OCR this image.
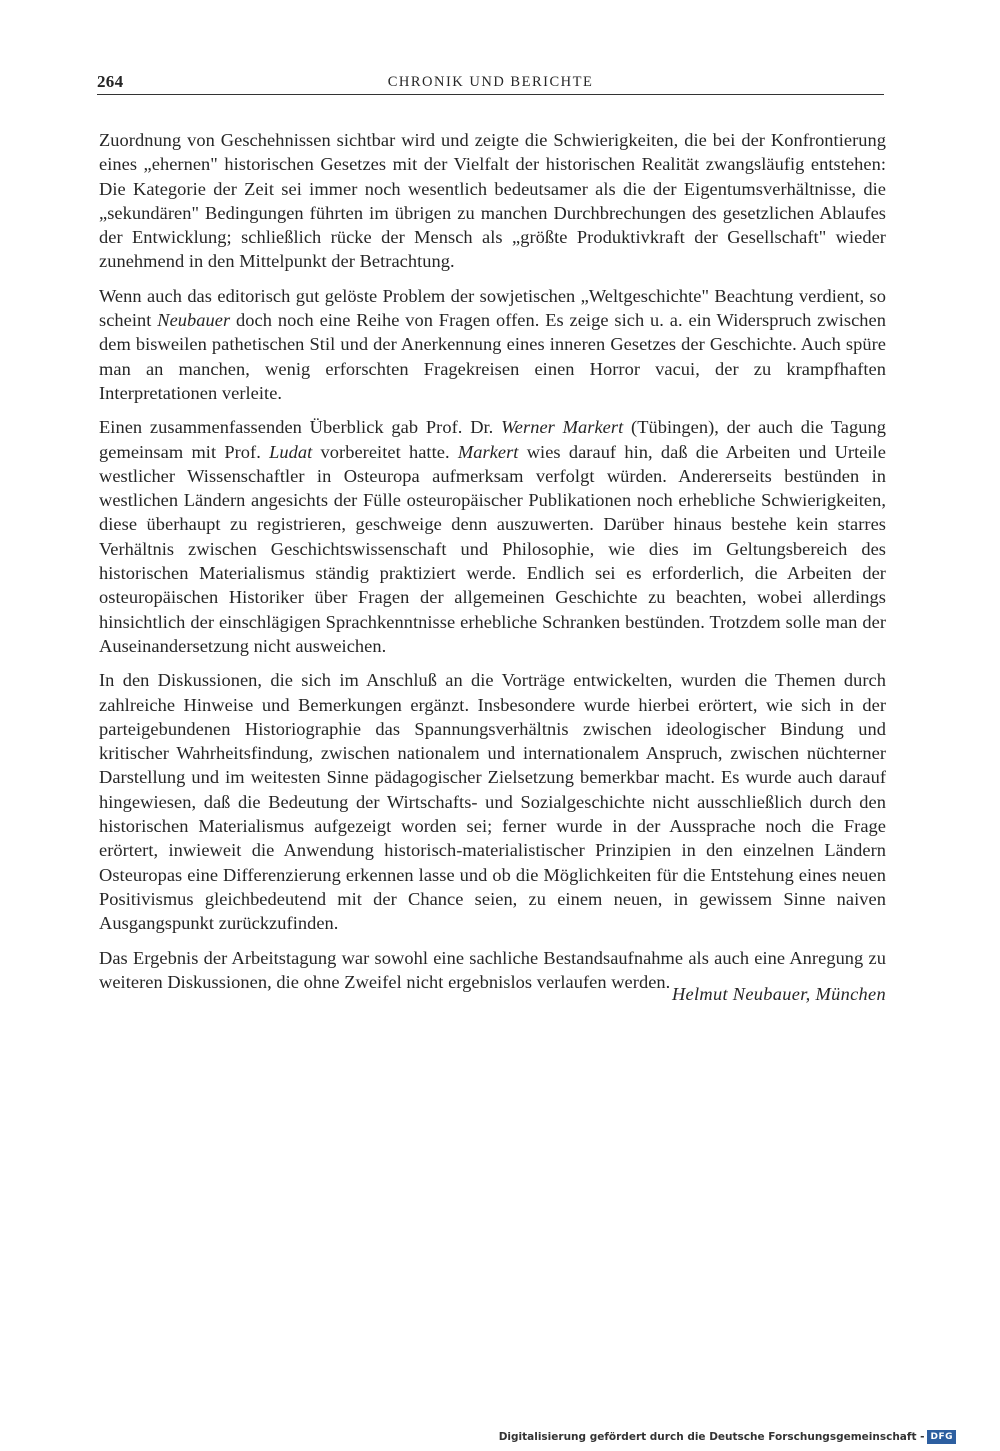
264	CHRONIK UND BERICHTE

Zuordnung von Geschehnissen sichtbar wird und zeigte die Schwierigkeiten, die bei der Konfrontierung eines „ehernen" historischen Gesetzes mit der Vielfalt der historischen Realität zwangsläufig entstehen: Die Kategorie der Zeit sei immer noch wesentlich bedeutsamer als die der Eigentumsverhältnisse, die „sekundären" Bedingungen führten im übrigen zu manchen Durchbrechungen des gesetzlichen Ablaufes der Entwicklung; schließlich rücke der Mensch als „größte Produktivkraft der Gesellschaft" wieder zunehmend in den Mittelpunkt der Betrachtung.

Wenn auch das editorisch gut gelöste Problem der sowjetischen „Weltgeschichte" Beachtung verdient, so scheint Neubauer doch noch eine Reihe von Fragen offen. Es zeige sich u. a. ein Widerspruch zwischen dem bisweilen pathetischen Stil und der Anerkennung eines inneren Gesetzes der Geschichte. Auch spüre man an manchen, wenig erforschten Fragekreisen einen Horror vacui, der zu krampfhaften Interpretationen verleite.

Einen zusammenfassenden Überblick gab Prof. Dr. Werner Markert (Tübingen), der auch die Tagung gemeinsam mit Prof. Ludat vorbereitet hatte. Markert wies darauf hin, daß die Arbeiten und Urteile westlicher Wissenschaftler in Osteuropa aufmerksam verfolgt würden. Andererseits bestünden in westlichen Ländern angesichts der Fülle osteuropäischer Publikationen noch erhebliche Schwierigkeiten, diese überhaupt zu registrieren, geschweige denn auszuwerten. Darüber hinaus bestehe kein starres Verhältnis zwischen Geschichtswissenschaft und Philosophie, wie dies im Geltungsbereich des historischen Materialismus ständig praktiziert werde. Endlich sei es erforderlich, die Arbeiten der osteuropäischen Historiker über Fragen der allgemeinen Geschichte zu beachten, wobei allerdings hinsichtlich der einschlägigen Sprachkenntnisse erhebliche Schranken bestünden. Trotzdem solle man der Auseinandersetzung nicht ausweichen.

In den Diskussionen, die sich im Anschluß an die Vorträge entwickelten, wurden die Themen durch zahlreiche Hinweise und Bemerkungen ergänzt. Insbesondere wurde hierbei erörtert, wie sich in der parteigebundenen Historiographie das Spannungsverhältnis zwischen ideologischer Bindung und kritischer Wahrheitsfindung, zwischen nationalem und internationalem Anspruch, zwischen nüchterner Darstellung und im weitesten Sinne pädagogischer Zielsetzung bemerkbar macht. Es wurde auch darauf hingewiesen, daß die Bedeutung der Wirtschafts- und Sozialgeschichte nicht ausschließlich durch den historischen Materialismus aufgezeigt worden sei; ferner wurde in der Aussprache noch die Frage erörtert, inwieweit die Anwendung historisch-materialistischer Prinzipien in den einzelnen Ländern Osteuropas eine Differenzierung erkennen lasse und ob die Möglichkeiten für die Entstehung eines neuen Positivismus gleichbedeutend mit der Chance seien, zu einem neuen, in gewissem Sinne naiven Ausgangspunkt zurückzufinden.

Das Ergebnis der Arbeitstagung war sowohl eine sachliche Bestandsaufnahme als auch eine Anregung zu weiteren Diskussionen, die ohne Zweifel nicht ergebnislos verlaufen werden.

Helmut Neubauer, München
Digitalisierung gefördert durch die Deutsche Forschungsgemeinschaft - DFG
